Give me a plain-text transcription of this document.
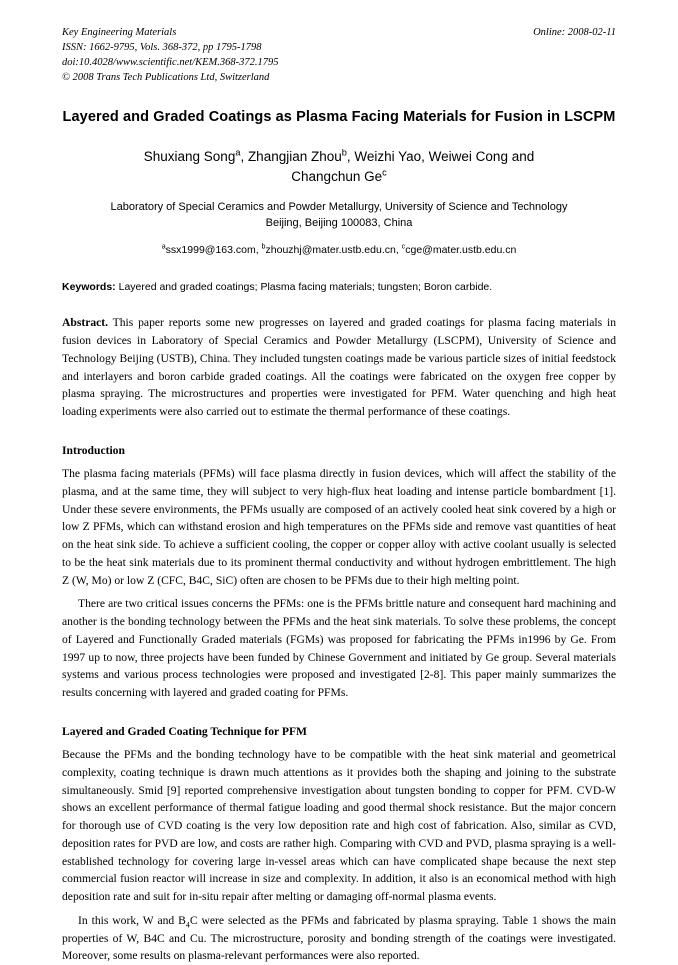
Key Engineering Materials
ISSN: 1662-9795, Vols. 368-372, pp 1795-1798
doi:10.4028/www.scientific.net/KEM.368-372.1795
© 2008 Trans Tech Publications Ltd, Switzerland
Online: 2008-02-11
Layered and Graded Coatings as Plasma Facing Materials for Fusion in LSCPM
Shuxiang Song$^a$, Zhangjian Zhou$^b$, Weizhi Yao, Weiwei Cong and
Changchun Ge$^c$
Laboratory of Special Ceramics and Powder Metallurgy, University of Science and Technology
Beijing, Beijing 100083, China
$^a$ssx1999@163.com, $^b$zhouzhj@mater.ustb.edu.cn, $^c$cge@mater.ustb.edu.cn
Keywords: Layered and graded coatings; Plasma facing materials; tungsten; Boron carbide.
Abstract. This paper reports some new progresses on layered and graded coatings for plasma facing materials in fusion devices in Laboratory of Special Ceramics and Powder Metallurgy (LSCPM), University of Science and Technology Beijing (USTB), China. They included tungsten coatings made be various particle sizes of initial feedstock and interlayers and boron carbide graded coatings. All the coatings were fabricated on the oxygen free copper by plasma spraying. The microstructures and properties were investigated for PFM. Water quenching and high heat loading experiments were also carried out to estimate the thermal performance of these coatings.
Introduction

The plasma facing materials (PFMs) will face plasma directly in fusion devices, which will affect the stability of the plasma, and at the same time, they will subject to very high-flux heat loading and intense particle bombardment [1]. Under these severe environments, the PFMs usually are composed of an actively cooled heat sink covered by a high or low Z PFMs, which can withstand erosion and high temperatures on the PFMs side and remove vast quantities of heat on the heat sink side. To achieve a sufficient cooling, the copper or copper alloy with active coolant usually is selected to be the heat sink materials due to its prominent thermal conductivity and without hydrogen embrittlement. The high Z (W, Mo) or low Z (CFC, B4C, SiC) often are chosen to be PFMs due to their high melting point.

There are two critical issues concerns the PFMs: one is the PFMs brittle nature and consequent hard machining and another is the bonding technology between the PFMs and the heat sink materials. To solve these problems, the concept of Layered and Functionally Graded materials (FGMs) was proposed for fabricating the PFMs in1996 by Ge. From 1997 up to now, three projects have been funded by Chinese Government and initiated by Ge group. Several materials systems and various process technologies were proposed and investigated [2-8]. This paper mainly summarizes the results concerning with layered and graded coating for PFMs.

Layered and Graded Coating Technique for PFM

Because the PFMs and the bonding technology have to be compatible with the heat sink material and geometrical complexity, coating technique is drawn much attentions as it provides both the shaping and joining to the substrate simultaneously. Smid [9] reported comprehensive investigation about tungsten bonding to copper for PFM. CVD-W shows an excellent performance of thermal fatigue loading and good thermal shock resistance. But the major concern for thorough use of CVD coating is the very low deposition rate and high cost of fabrication. Also, similar as CVD, deposition rates for PVD are low, and costs are rather high. Comparing with CVD and PVD, plasma spraying is a well-established technology for covering large in-vessel areas which can have complicated shape because the next step commercial fusion reactor will increase in size and complexity. In addition, it also is an economical method with high deposition rate and suit for in-situ repair after melting or damaging off-normal plasma events.

In this work, W and $B_4C$ were selected as the PFMs and fabricated by plasma spraying. Table 1 shows the main properties of W, B4C and Cu. The microstructure, porosity and bonding strength of the coatings were investigated. Moreover, some results on plasma-relevant performances were also reported.
